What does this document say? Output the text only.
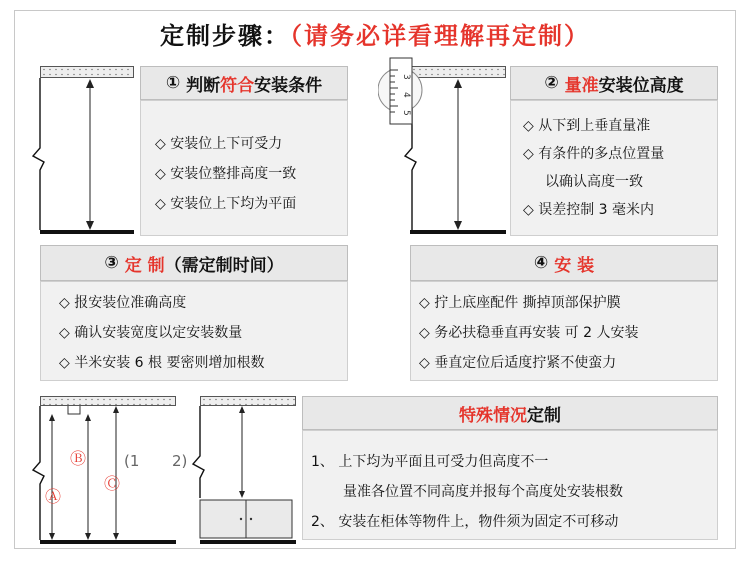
定制步骤：（请务必详看理解再定制）
①
判断 符合 安装条件
◇ 安装位上下可受力
◇ 安装位整排高度一致
◇ 安装位上下均为平面
3
4
5
②
量准 安装位高度
◇ 从下到上垂直量准
◇ 有条件的多点位置量
以确认高度一致
◇ 误差控制 3 毫米内
③
定 制 （需定制时间）
◇ 报安装位准确高度
◇ 确认安装宽度以定安装数量
◇ 半米安装 6 根 要密则增加根数
④
安 装
◇ 拧上底座配件 撕掉顶部保护膜
◇ 务必扶稳垂直再安装 可 2 人安装
◇ 垂直定位后适度拧紧不使蛮力
Ⓐ
Ⓑ
Ⓒ
(1 2)
特殊情况 定制
1、 上下均为平面且可受力但高度不一
量准各位置不同高度并报每个高度处安装根数
2、 安装在柜体等物件上，物件须为固定不可移动
